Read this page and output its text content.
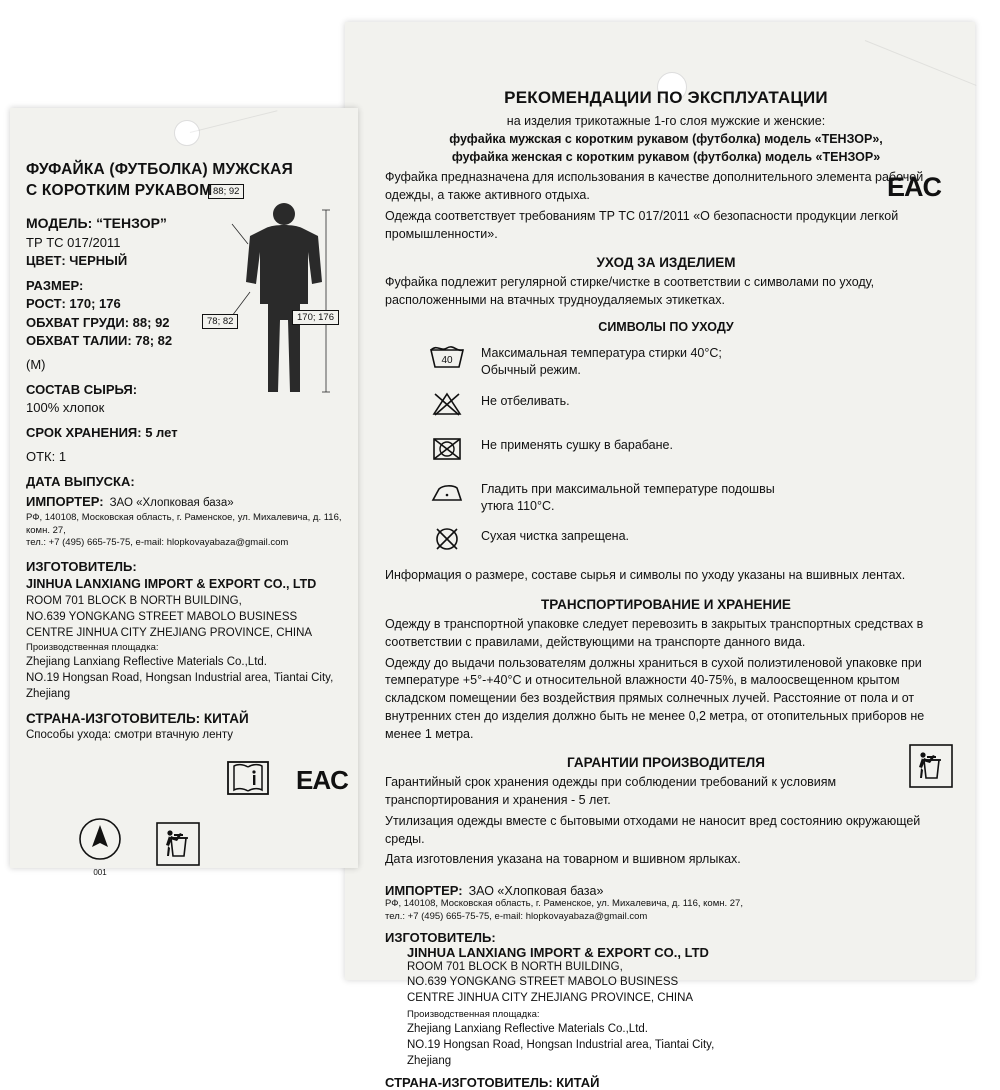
EAC
РЕКОМЕНДАЦИИ ПО ЭКСПЛУАТАЦИИ
на изделия трикотажные 1-го слоя мужские и женские:
фуфайка мужская с коротким рукавом (футболка) модель «ТЕНЗОР»,
фуфайка женская с коротким рукавом (футболка) модель «ТЕНЗОР»
Фуфайка предназначена для использования в качестве дополнительного элемента рабочей одежды, а также активного отдыха.
Одежда соответствует требованиям ТР ТС 017/2011 «О безопасности продукции легкой промышленности».
УХОД ЗА ИЗДЕЛИЕМ
Фуфайка подлежит регулярной стирке/чистке в соответствии с символами по уходу, расположенными на втачных трудноудаляемых этикетках.
СИМВОЛЫ ПО УХОДУ
40
Максимальная температура стирки 40°С;
Обычный режим.
Не отбеливать.
Не применять сушку в барабане.
Гладить при максимальной температуре подошвы
утюга 110°С.
Сухая чистка запрещена.
Информация о размере, составе сырья и символы по уходу указаны на вшивных лентах.
ТРАНСПОРТИРОВАНИЕ И ХРАНЕНИЕ
Одежду в транспортной упаковке следует перевозить в закрытых транспортных средствах в соответствии с правилами, действующими на транспорте данного вида.
Одежду до выдачи пользователям должны храниться в сухой полиэтиленовой упаковке при температуре +5°-+40°С и относительной влажности 40-75%, в малоосвещенном крытом складском помещении без воздействия прямых солнечных лучей. Расстояние от пола и от внутренних стен до изделия должно быть не менее 0,2 метра, от отопительных приборов не менее 1 метра.
ГАРАНТИИ ПРОИЗВОДИТЕЛЯ
Гарантийный срок хранения одежды при соблюдении требований к условиям транспортирования и хранения - 5 лет.
Утилизация одежды вместе с бытовыми отходами не наносит вред состоянию окружающей среды.
Дата изготовления указана на товарном и вшивном ярлыках.
ИМПОРТЕР: ЗАО «Хлопковая база»
РФ, 140108, Московская область, г. Раменское, ул. Михалевича, д. 116, комн. 27,
тел.: +7 (495) 665-75-75, e-mail: hlopkovayabaza@gmail.com
ИЗГОТОВИТЕЛЬ:
JINHUA LANXIANG IMPORT & EXPORT CO., LTD
ROOM 701 BLOCK B NORTH BUILDING,
NO.639 YONGKANG STREET MABOLO BUSINESS
CENTRE JINHUA CITY ZHEJIANG PROVINCE, CHINA
Производственная площадка:
Zhejiang Lanxiang Reflective Materials Co.,Ltd.
NO.19 Hongsan Road, Hongsan Industrial area, Tiantai City,
Zhejiang
СТРАНА-ИЗГОТОВИТЕЛЬ: КИТАЙ
88; 92
78; 82	170; 176
ФУФАЙКА (ФУТБОЛКА) МУЖСКАЯ
С КОРОТКИМ РУКАВОМ
МОДЕЛЬ: “ТЕНЗОР”
ТР ТС 017/2011
ЦВЕТ: ЧЕРНЫЙ
РАЗМЕР:
РОСТ: 170; 176
ОБХВАТ ГРУДИ: 88; 92
ОБХВАТ ТАЛИИ: 78; 82
(М)
СОСТАВ СЫРЬЯ:
100% хлопок
СРОК ХРАНЕНИЯ: 5 лет
ОТК: 1
ДАТА ВЫПУСКА:
ИМПОРТЕР: ЗАО «Хлопковая база»
РФ, 140108, Московская область, г. Раменское, ул. Михалевича, д. 116, комн. 27,
тел.: +7 (495) 665-75-75, e-mail: hlopkovayabaza@gmail.com
ИЗГОТОВИТЕЛЬ:
JINHUA LANXIANG IMPORT & EXPORT CO., LTD
ROOM 701 BLOCK B NORTH BUILDING,
NO.639 YONGKANG STREET MABOLO BUSINESS
CENTRE JINHUA CITY ZHEJIANG PROVINCE, CHINA
Производственная площадка:
Zhejiang Lanxiang Reflective Materials Co.,Ltd.
NO.19 Hongsan Road, Hongsan Industrial area, Tiantai City,
Zhejiang
СТРАНА-ИЗГОТОВИТЕЛЬ: КИТАЙ
Способы ухода: смотри втачную ленту
EAC
001
